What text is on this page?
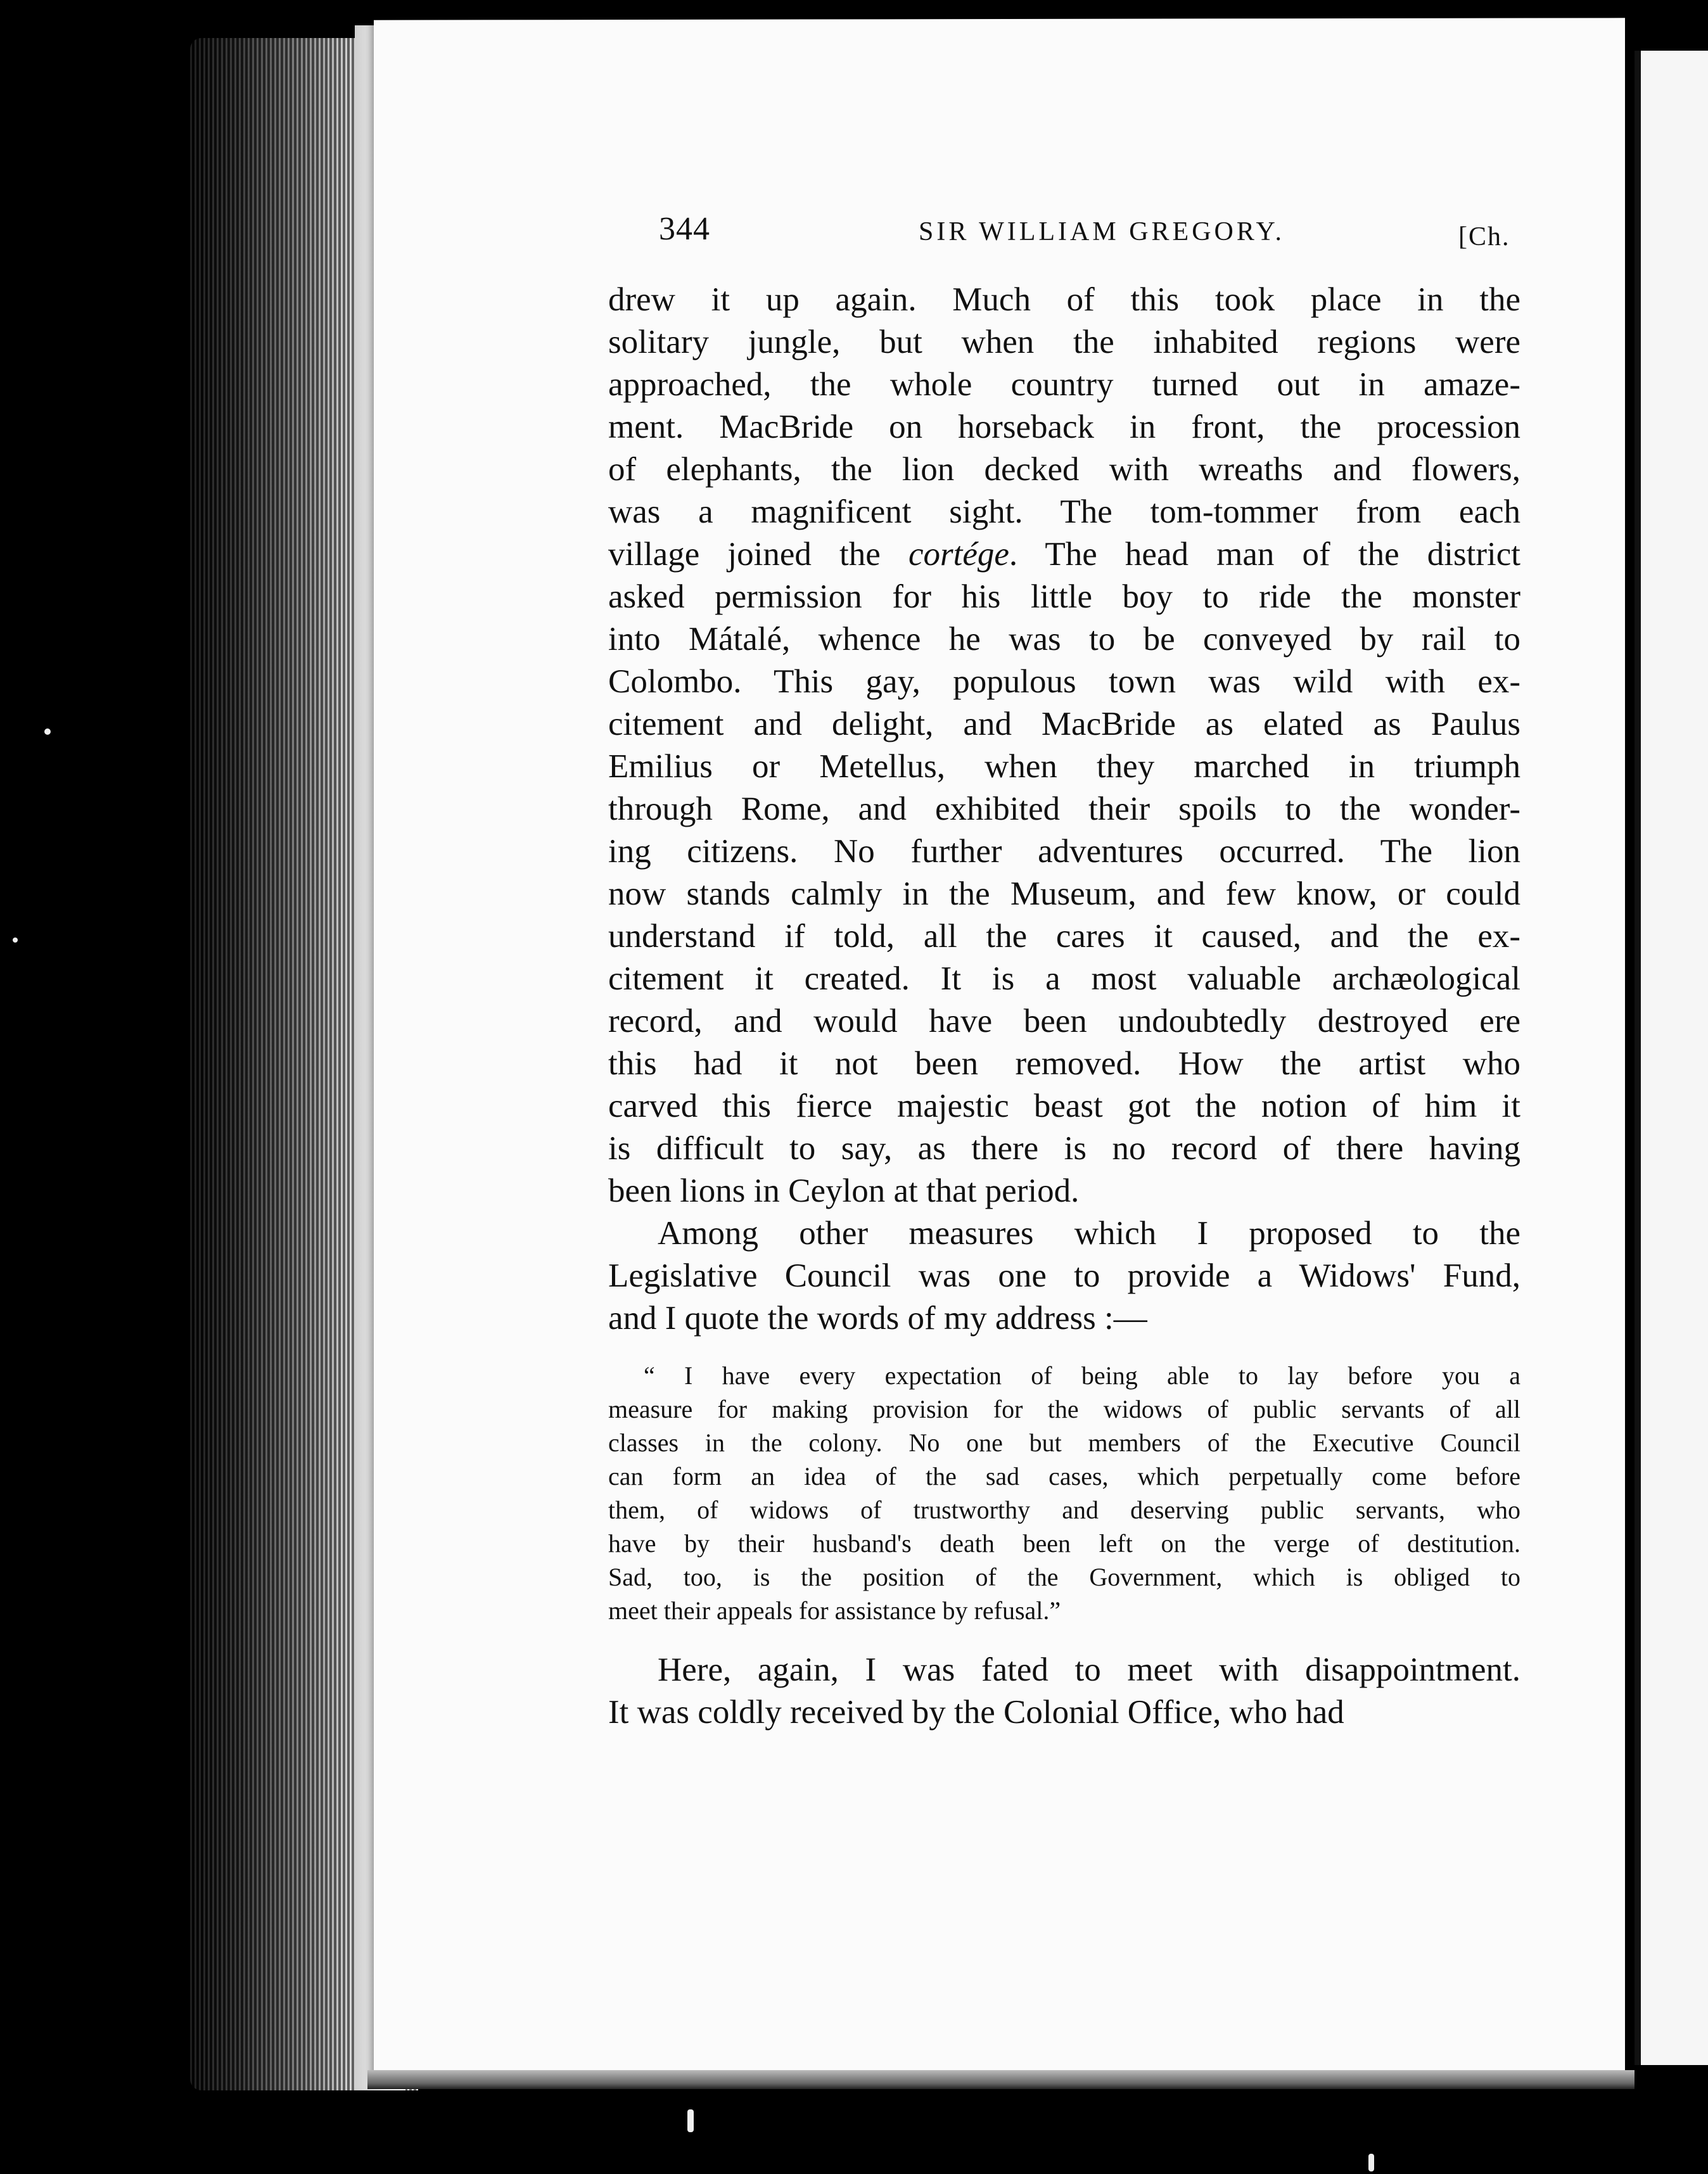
344	SIR WILLIAM GREGORY.	[Ch.
drew it up again. Much of this took place in the
solitary jungle, but when the inhabited regions were
approached, the whole country turned out in amaze-
ment. MacBride on horseback in front, the procession
of elephants, the lion decked with wreaths and flowers,
was a magnificent sight. The tom-tommer from each
village joined the cortége. The head man of the district
asked permission for his little boy to ride the monster
into Mátalé, whence he was to be conveyed by rail to
Colombo. This gay, populous town was wild with ex-
citement and delight, and MacBride as elated as Paulus
Emilius or Metellus, when they marched in triumph
through Rome, and exhibited their spoils to the wonder-
ing citizens. No further adventures occurred. The lion
now stands calmly in the Museum, and few know, or could
understand if told, all the cares it caused, and the ex-
citement it created. It is a most valuable archæological
record, and would have been undoubtedly destroyed ere
this had it not been removed. How the artist who
carved this fierce majestic beast got the notion of him it
is difficult to say, as there is no record of there having
been lions in Ceylon at that period.
Among other measures which I proposed to the
Legislative Council was one to provide a Widows' Fund,
and I quote the words of my address :—
“ I have every expectation of being able to lay before you a
measure for making provision for the widows of public servants of all
classes in the colony. No one but members of the Executive Council
can form an idea of the sad cases, which perpetually come before
them, of widows of trustworthy and deserving public servants, who
have by their husband's death been left on the verge of destitution.
Sad, too, is the position of the Government, which is obliged to
meet their appeals for assistance by refusal.”
Here, again, I was fated to meet with disappointment.
It was coldly received by the Colonial Office, who had
